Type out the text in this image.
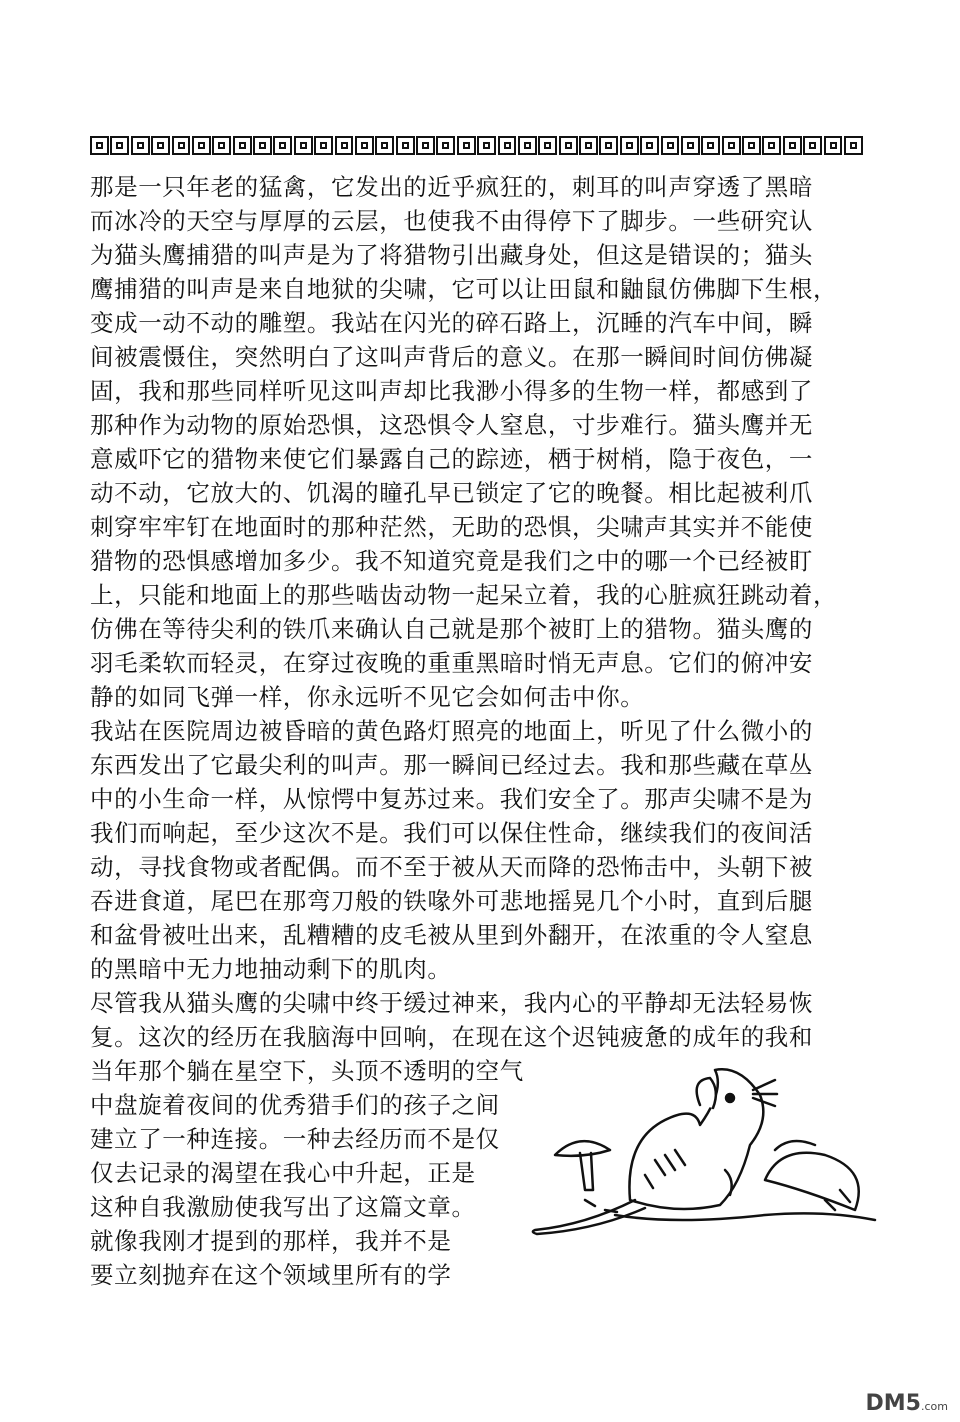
那是一只年老的猛禽，它发出的近乎疯狂的，刺耳的叫声穿透了黑暗

而冰冷的天空与厚厚的云层，也使我不由得停下了脚步。一些研究认

为猫头鹰捕猎的叫声是为了将猎物引出藏身处，但这是错误的；猫头

鹰捕猎的叫声是来自地狱的尖啸，它可以让田鼠和鼬鼠仿佛脚下生根，

变成一动不动的雕塑。我站在闪光的碎石路上，沉睡的汽车中间，瞬

间被震慑住，突然明白了这叫声背后的意义。在那一瞬间时间仿佛凝

固，我和那些同样听见这叫声却比我渺小得多的生物一样，都感到了

那种作为动物的原始恐惧，这恐惧令人窒息，寸步难行。猫头鹰并无

意威吓它的猎物来使它们暴露自己的踪迹，栖于树梢，隐于夜色，一

动不动，它放大的、饥渴的瞳孔早已锁定了它的晚餐。相比起被利爪

刺穿牢牢钉在地面时的那种茫然，无助的恐惧，尖啸声其实并不能使

猎物的恐惧感增加多少。我不知道究竟是我们之中的哪一个已经被盯

上，只能和地面上的那些啮齿动物一起呆立着，我的心脏疯狂跳动着，

仿佛在等待尖利的铁爪来确认自己就是那个被盯上的猎物。猫头鹰的

羽毛柔软而轻灵，在穿过夜晚的重重黑暗时悄无声息。它们的俯冲安

静的如同飞弹一样，你永远听不见它会如何击中你。

我站在医院周边被昏暗的黄色路灯照亮的地面上，听见了什么微小的

东西发出了它最尖利的叫声。那一瞬间已经过去。我和那些藏在草丛

中的小生命一样，从惊愕中复苏过来。我们安全了。那声尖啸不是为

我们而响起，至少这次不是。我们可以保住性命，继续我们的夜间活

动，寻找食物或者配偶。而不至于被从天而降的恐怖击中，头朝下被

吞进食道，尾巴在那弯刀般的铁喙外可悲地摇晃几个小时，直到后腿

和盆骨被吐出来，乱糟糟的皮毛被从里到外翻开，在浓重的令人窒息

的黑暗中无力地抽动剩下的肌肉。

尽管我从猫头鹰的尖啸中终于缓过神来，我内心的平静却无法轻易恢

复。这次的经历在我脑海中回响，在现在这个迟钝疲惫的成年的我和

当年那个躺在星空下，头顶不透明的空气

中盘旋着夜间的优秀猎手们的孩子之间

建立了一种连接。一种去经历而不是仅

仅去记录的渴望在我心中升起，正是

这种自我激励使我写出了这篇文章。

就像我刚才提到的那样，我并不是

要立刻抛弃在这个领域里所有的学

DM5.com
